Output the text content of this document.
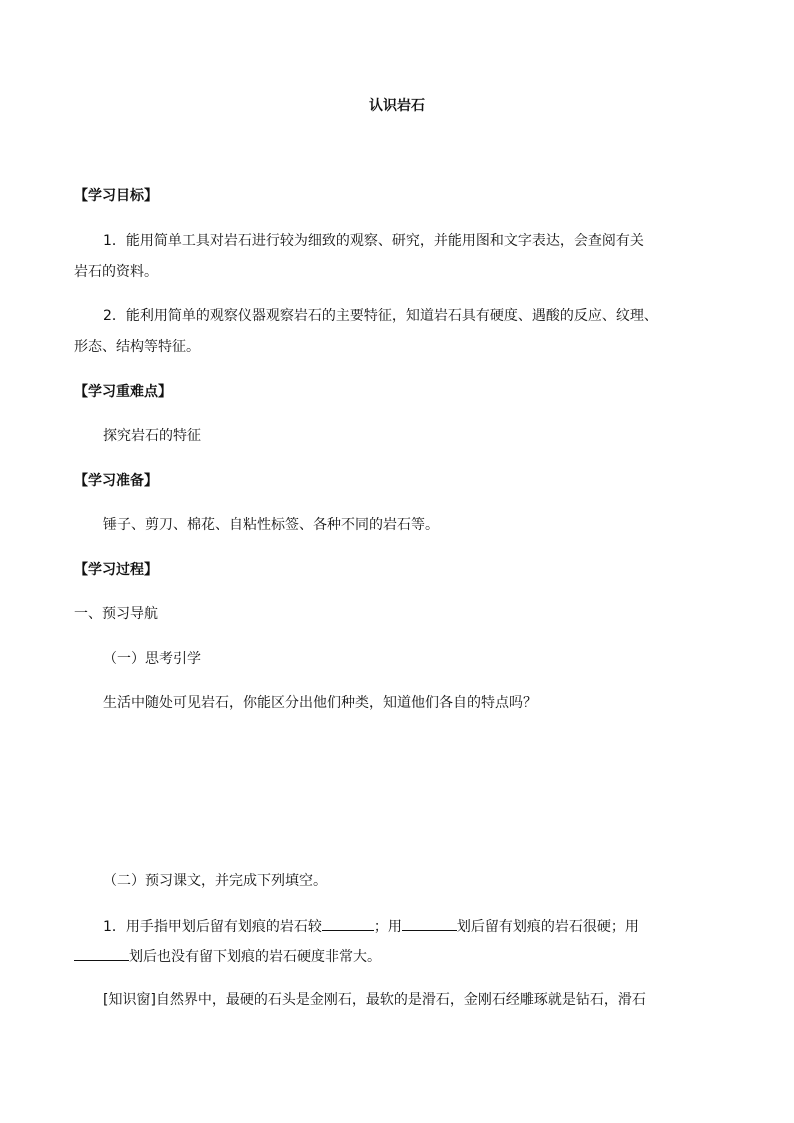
认识岩石
【学习目标】
1．能用简单工具对岩石进行较为细致的观察、研究，并能用图和文字表达，会查阅有关
岩石的资料。
2．能利用简单的观察仪器观察岩石的主要特征，知道岩石具有硬度、遇酸的反应、纹理、
形态、结构等特征。
【学习重难点】
探究岩石的特征
【学习准备】
锤子、剪刀、棉花、自粘性标签、各种不同的岩石等。
【学习过程】
一、预习导航
（一）思考引学
生活中随处可见岩石，你能区分出他们种类，知道他们各自的特点吗？
（二）预习课文，并完成下列填空。
1．用手指甲划后留有划痕的岩石较	；用	划后留有划痕的岩石很硬；用
划后也没有留下划痕的岩石硬度非常大。
[知识窗]自然界中，最硬的石头是金刚石，最软的是滑石，金刚石经雕琢就是钻石，滑石
